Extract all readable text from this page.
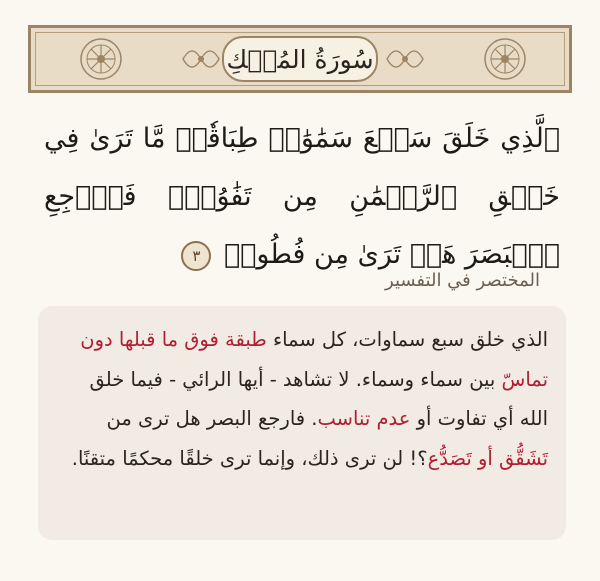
سُورَةُ المُلۡكِ
ٱلَّذِي خَلَقَ سَبۡعَ سَمَٰوَٰتٖ طِبَاقٗاۖ مَّا تَرَىٰ فِي خَلۡقِ ٱلرَّحۡمَٰنِ مِن تَفَٰوُتٖۖ فَٱرۡجِعِ ٱلۡبَصَرَ هَلۡ تَرَىٰ مِن فُطُورٖ ٣
المختصر في التفسير
الذي خلق سبع سماوات، كل سماء طبقة فوق ما قبلها دون تماسّ بين سماء وسماء. لا تشاهد - أيها الرائي - فيما خلق الله أي تفاوت أو عدم تناسب. فارجع البصر هل ترى من تَشَقُّق أو تَصَدُّع؟! لن ترى ذلك، وإنما ترى خلقًا محكمًا متقنًا.
